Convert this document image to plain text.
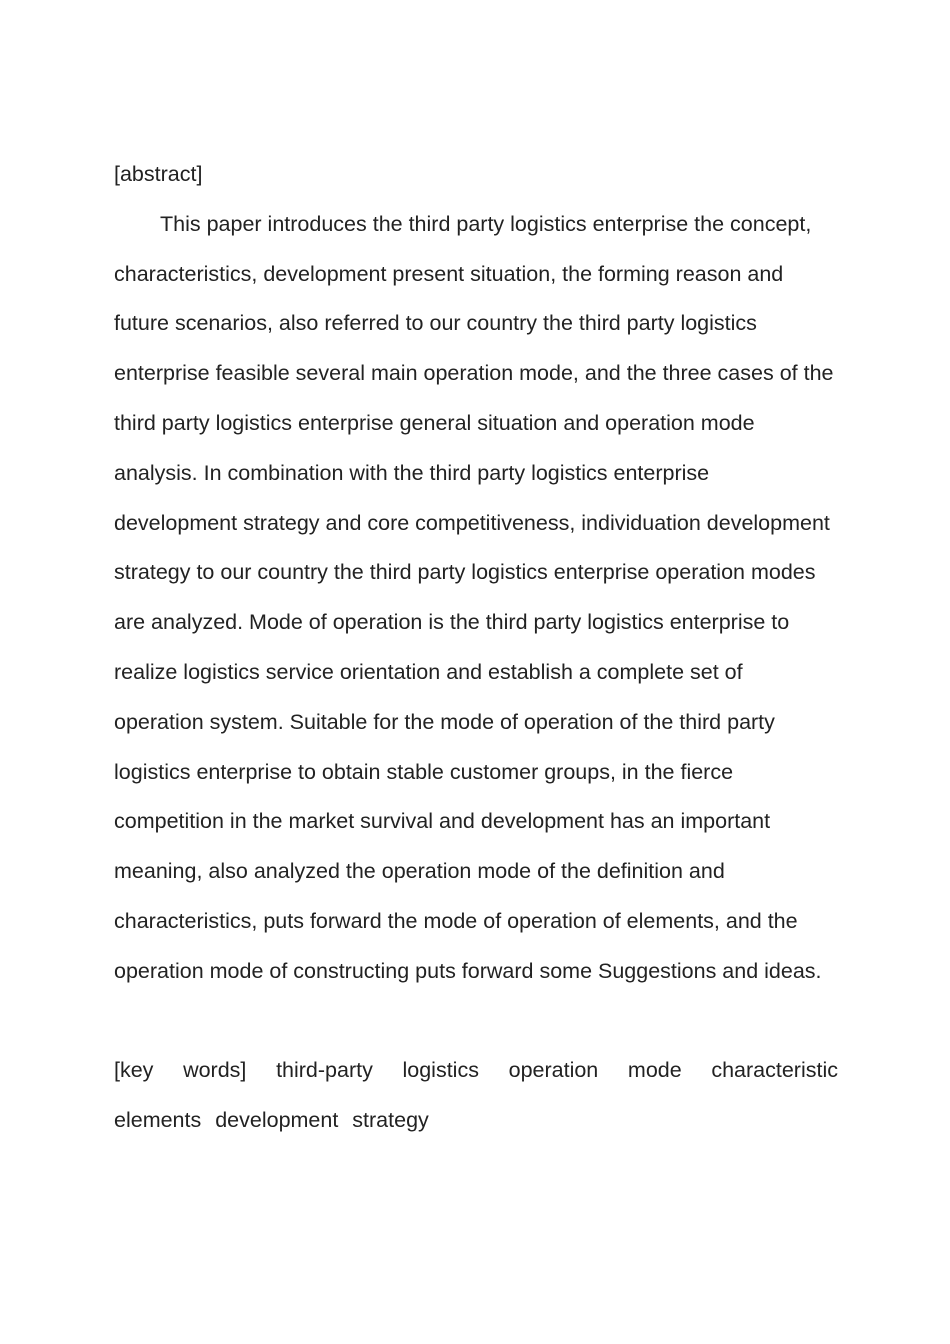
[abstract]

This paper introduces the third party logistics enterprise the concept, characteristics, development present situation, the forming reason and future scenarios, also referred to our country the third party logistics enterprise feasible several main operation mode, and the three cases of the third party logistics enterprise general situation and operation mode analysis. In combination with the third party logistics enterprise development strategy and core competitiveness, individuation development strategy to our country the third party logistics enterprise operation modes are analyzed. Mode of operation is the third party logistics enterprise to realize logistics service orientation and establish a complete set of operation system. Suitable for the mode of operation of the third party logistics enterprise to obtain stable customer groups, in the fierce competition in the market survival and development has an important meaning, also analyzed the operation mode of the definition and characteristics, puts forward the mode of operation of elements, and the operation mode of constructing puts forward some Suggestions and ideas.

[key words] third-party logistics operation mode characteristic elements development strategy
